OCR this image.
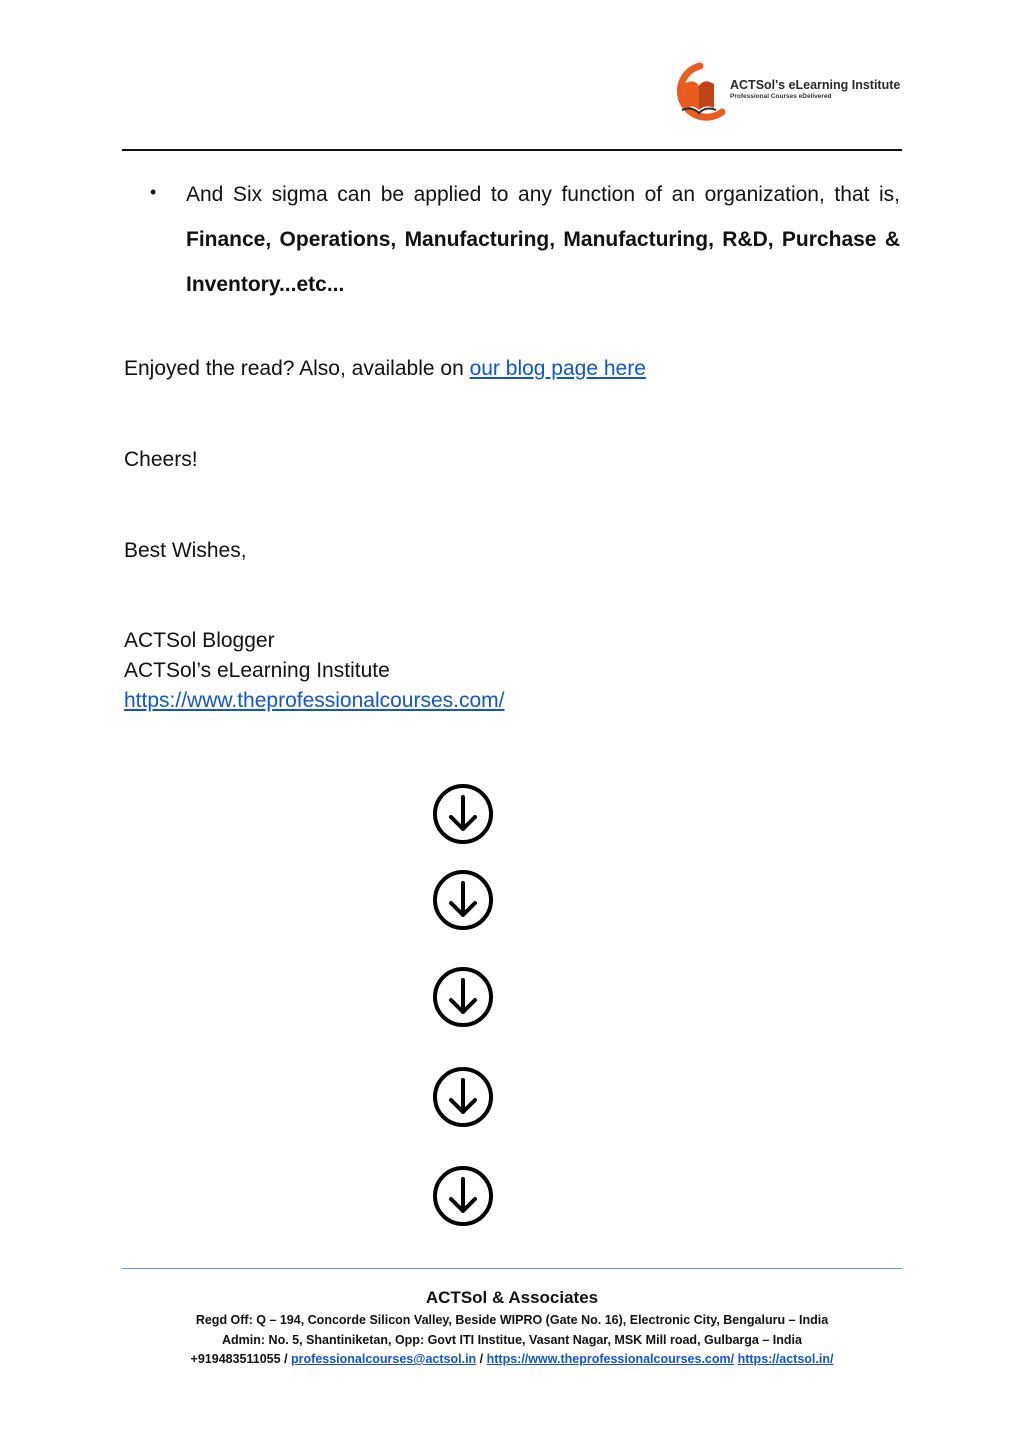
ACTSol's eLearning Institute
Professional Courses eDelivered
• And Six sigma can be applied to any function of an organization, that is, Finance, Operations, Manufacturing, Manufacturing, R&D, Purchase & Inventory...etc...
Enjoyed the read? Also, available on our blog page here
Cheers!
Best Wishes,
ACTSol Blogger
ACTSol’s eLearning Institute
https://www.theprofessionalcourses.com/
ACTSol & Associates
Regd Off: Q – 194, Concorde Silicon Valley, Beside WIPRO (Gate No. 16), Electronic City, Bengaluru – India
Admin: No. 5, Shantiniketan, Opp: Govt ITI Institue, Vasant Nagar, MSK Mill road, Gulbarga – India
+919483511055 / professionalcourses@actsol.in / https://www.theprofessionalcourses.com/ https://actsol.in/
